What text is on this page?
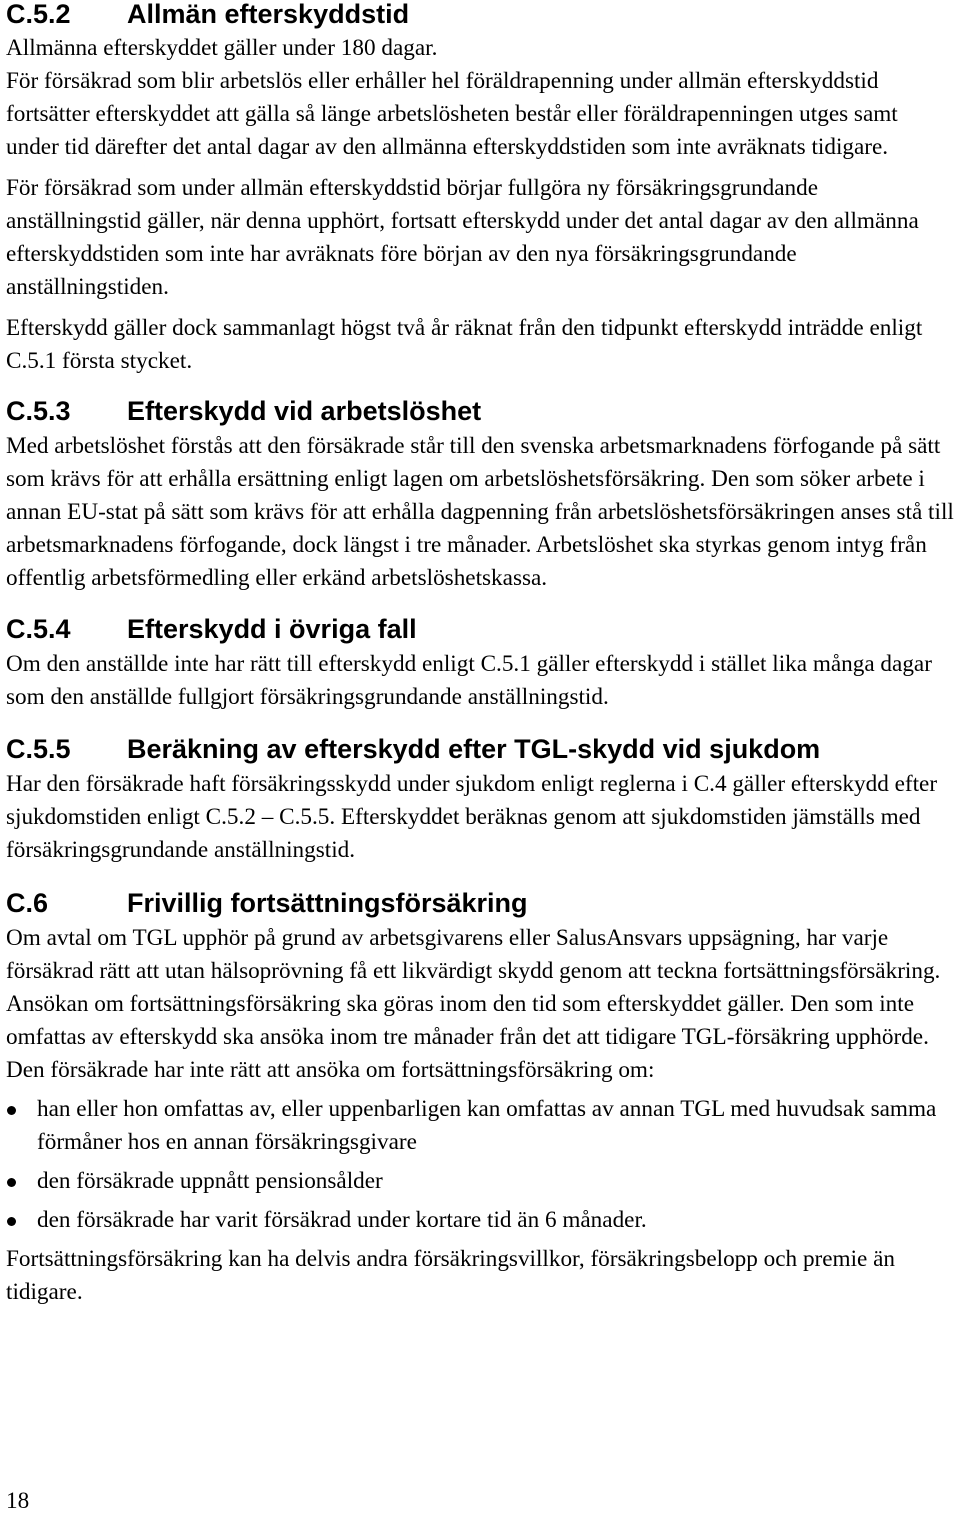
C.5.2 Allmän efterskyddstid

Allmänna efterskyddet gäller under 180 dagar.

För försäkrad som blir arbetslös eller erhåller hel föräldrapenning under allmän efterskyddstid fortsätter efterskyddet att gälla så länge arbetslösheten består eller föräldrapenningen utges samt under tid därefter det antal dagar av den allmänna efterskyddstiden som inte avräknats tidigare.

För försäkrad som under allmän efterskyddstid börjar fullgöra ny försäkringsgrundande anställningstid gäller, när denna upphört, fortsatt efterskydd under det antal dagar av den allmänna efterskyddstiden som inte har avräknats före början av den nya försäkringsgrundande anställningstiden.

Efterskydd gäller dock sammanlagt högst två år räknat från den tidpunkt efterskydd inträdde enligt C.5.1 första stycket.

C.5.3 Efterskydd vid arbetslöshet

Med arbetslöshet förstås att den försäkrade står till den svenska arbetsmarknadens förfogande på sätt som krävs för att erhålla ersättning enligt lagen om arbetslöshetsförsäkring. Den som söker arbete i annan EU-stat på sätt som krävs för att erhålla dagpenning från arbetslöshetsförsäkringen anses stå till arbetsmarknadens förfogande, dock längst i tre månader. Arbetslöshet ska styrkas genom intyg från offentlig arbetsförmedling eller erkänd arbetslöshetskassa.

C.5.4 Efterskydd i övriga fall

Om den anställde inte har rätt till efterskydd enligt C.5.1 gäller efterskydd i stället lika många dagar som den anställde fullgjort försäkringsgrundande anställningstid.

C.5.5 Beräkning av efterskydd efter TGL-skydd vid sjukdom

Har den försäkrade haft försäkringsskydd under sjukdom enligt reglerna i C.4 gäller efterskydd efter sjukdomstiden enligt C.5.2 – C.5.5. Efterskyddet beräknas genom att sjukdomstiden jämställs med försäkringsgrundande anställningstid.

C.6	Frivillig fortsättningsförsäkring

Om avtal om TGL upphör på grund av arbetsgivarens eller SalusAnsvars uppsägning, har varje försäkrad rätt att utan hälsoprövning få ett likvärdigt skydd genom att teckna fortsättningsförsäkring. Ansökan om fortsättningsförsäkring ska göras inom den tid som efterskyddet gäller. Den som inte omfattas av efterskydd ska ansöka inom tre månader från det att tidigare TGL-försäkring upphörde. Den försäkrade har inte rätt att ansöka om fortsättningsförsäkring om:

han eller hon omfattas av, eller uppenbarligen kan omfattas av annan TGL med huvudsak samma förmåner hos en annan försäkringsgivare
den försäkrade uppnått pensionsålder
den försäkrade har varit försäkrad under kortare tid än 6 månader.

Fortsättningsförsäkring kan ha delvis andra försäkringsvillkor, försäkringsbelopp och premie än tidigare.

18
